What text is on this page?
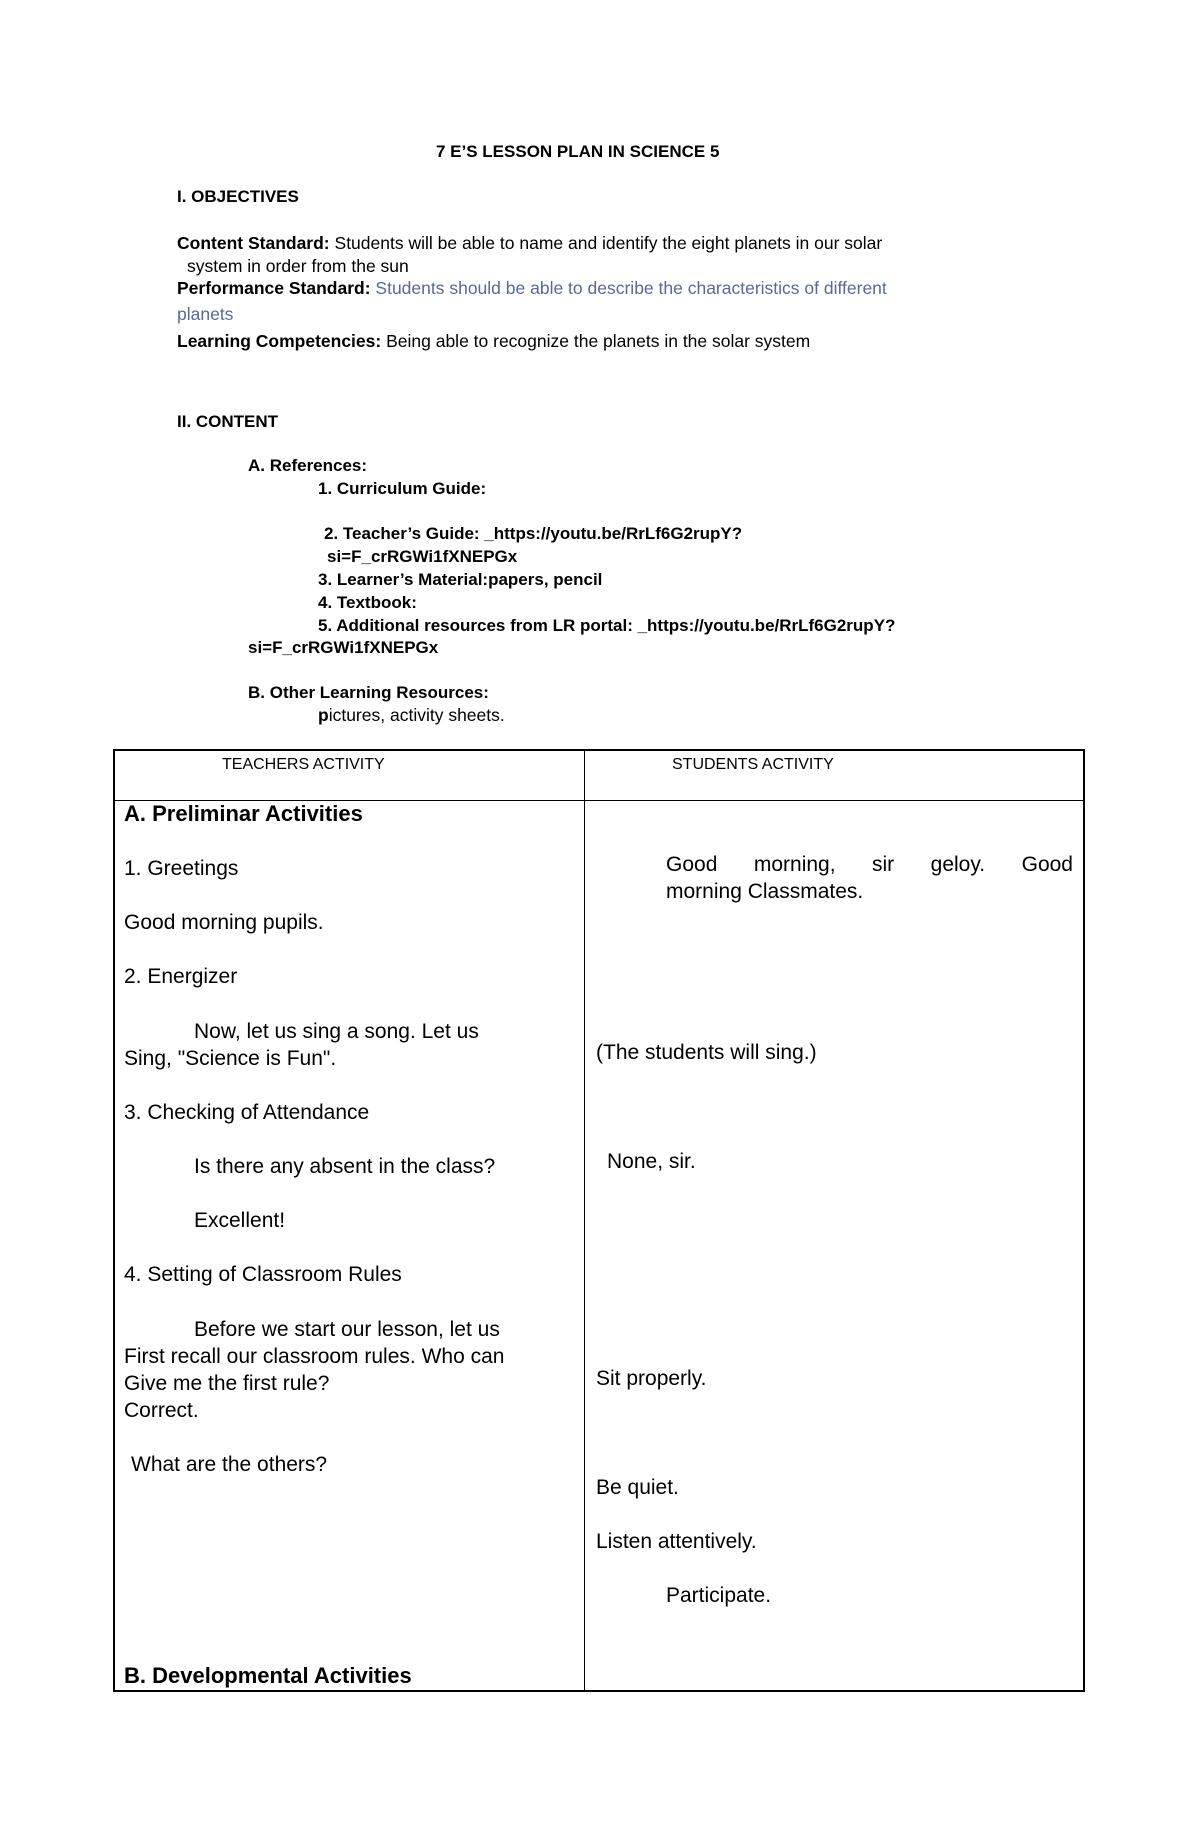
7 E’S LESSON PLAN IN SCIENCE 5
I. OBJECTIVES
Content Standard: Students will be able to name and identify the eight planets in our solar
system in order from the sun
Performance Standard: Students should be able to describe the characteristics of different
planets
Learning Competencies: Being able to recognize the planets in the solar system
II. CONTENT
A. References:
1. Curriculum Guide:
2. Teacher’s Guide: _https://youtu.be/RrLf6G2rupY?
si=F_crRGWi1fXNEPGx
3. Learner’s Material:papers, pencil
4. Textbook:
5. Additional resources from LR portal: _https://youtu.be/RrLf6G2rupY?
si=F_crRGWi1fXNEPGx
B. Other Learning Resources:
pictures, activity sheets.
TEACHERS ACTIVITY	STUDENTS ACTIVITY
A. Preliminar Activities
1. Greetings
Good morning pupils.
2. Energizer
Now, let us sing a song. Let us
Sing, "Science is Fun".
3. Checking of Attendance
Is there any absent in the class?
Excellent!
4. Setting of Classroom Rules
Before we start our lesson, let us
First recall our classroom rules. Who can
Give me the first rule?
Correct.
What are the others?
B. Developmental Activities
Good morning, sir geloy. Good
morning Classmates.
(The students will sing.)
None, sir.
Sit properly.
Be quiet.
Listen attentively.
Participate.
